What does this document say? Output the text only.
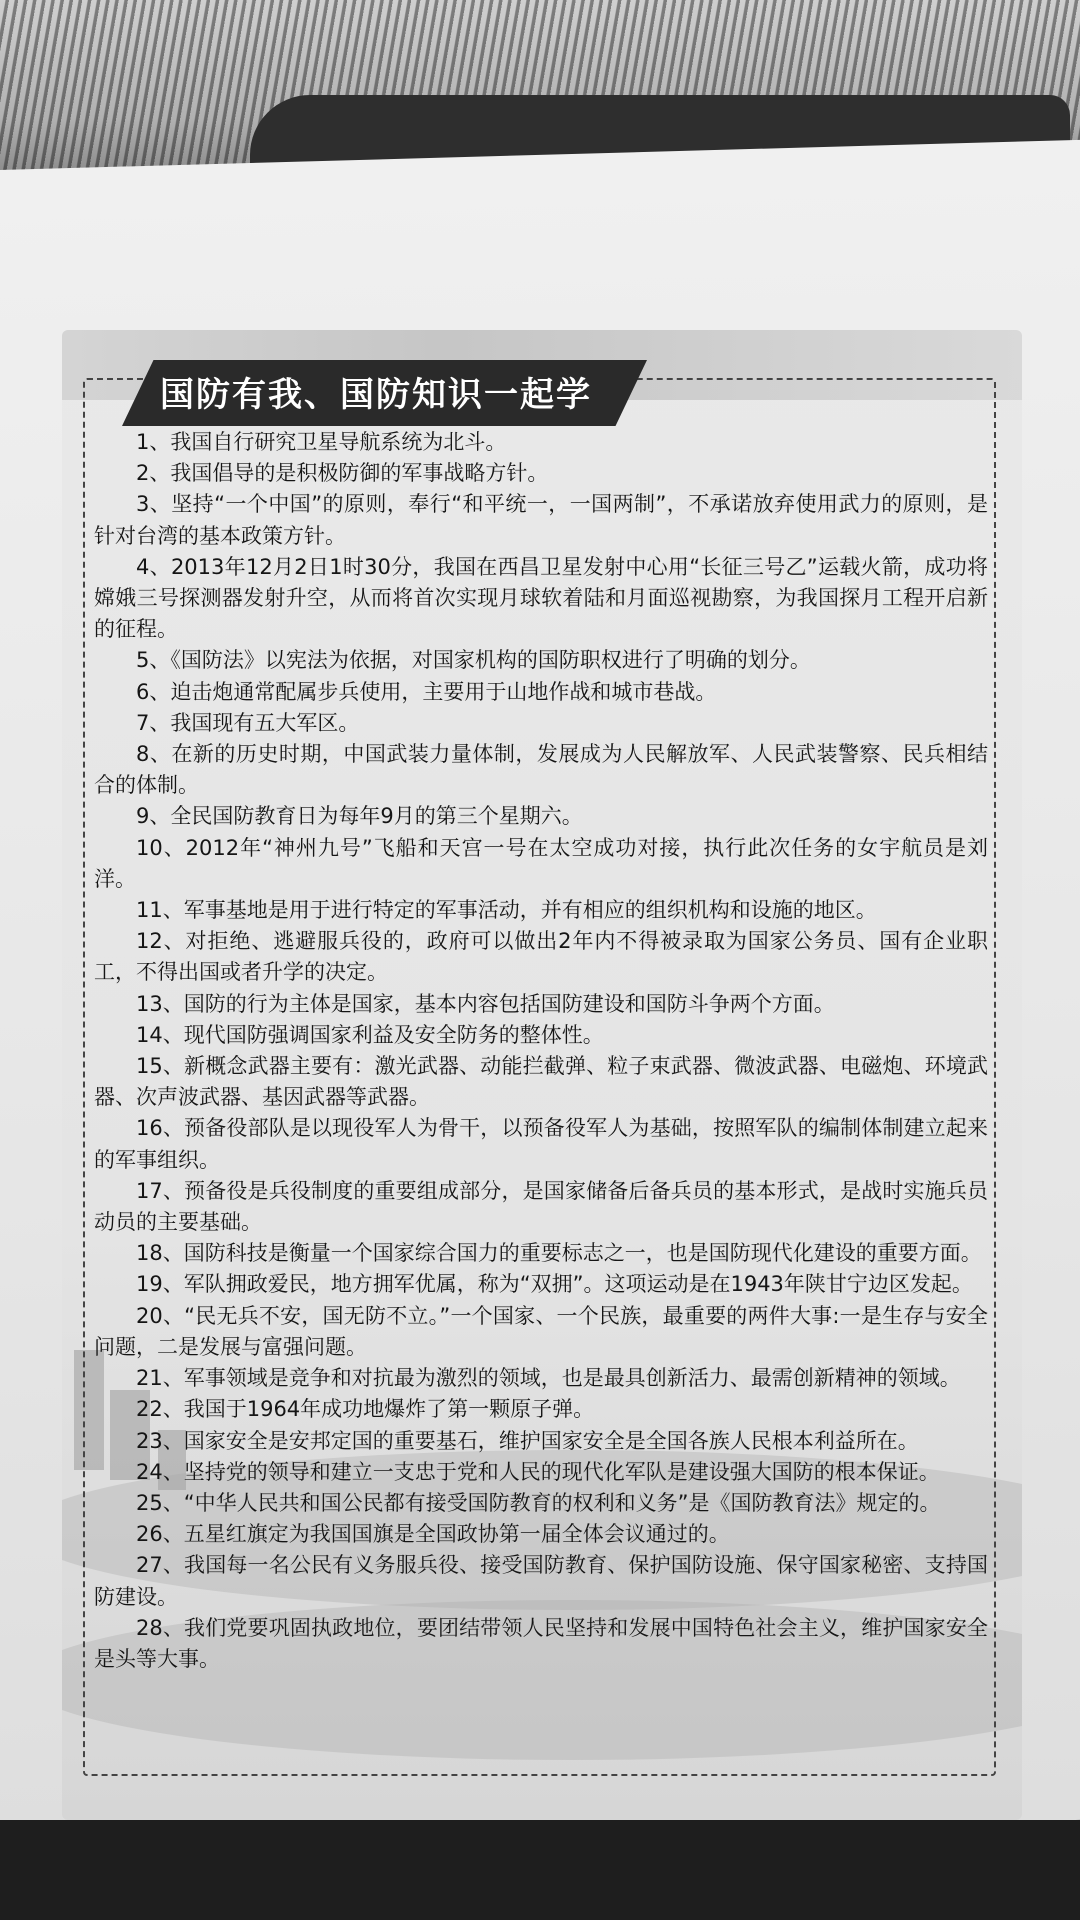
国防有我、国防知识一起学

1、我国自行研究卫星导航系统为北斗。

2、我国倡导的是积极防御的军事战略方针。

3、坚持“一个中国”的原则，奉行“和平统一，一国两制”，不承诺放弃使用武力的原则，是针对台湾的基本政策方针。

4、2013年12月2日1时30分，我国在西昌卫星发射中心用“长征三号乙”运载火箭，成功将嫦娥三号探测器发射升空，从而将首次实现月球软着陆和月面巡视勘察，为我国探月工程开启新的征程。

5、《国防法》以宪法为依据，对国家机构的国防职权进行了明确的划分。

6、迫击炮通常配属步兵使用，主要用于山地作战和城市巷战。

7、我国现有五大军区。

8、在新的历史时期，中国武装力量体制，发展成为人民解放军、人民武装警察、民兵相结合的体制。

9、全民国防教育日为每年9月的第三个星期六。

10、2012年“神州九号”飞船和天宫一号在太空成功对接，执行此次任务的女宇航员是刘洋。

11、军事基地是用于进行特定的军事活动，并有相应的组织机构和设施的地区。

12、对拒绝、逃避服兵役的，政府可以做出2年内不得被录取为国家公务员、国有企业职工，不得出国或者升学的决定。

13、国防的行为主体是国家，基本内容包括国防建设和国防斗争两个方面。

14、现代国防强调国家利益及安全防务的整体性。

15、新概念武器主要有：激光武器、动能拦截弹、粒子束武器、微波武器、电磁炮、环境武器、次声波武器、基因武器等武器。

16、预备役部队是以现役军人为骨干，以预备役军人为基础，按照军队的编制体制建立起来的军事组织。

17、预备役是兵役制度的重要组成部分，是国家储备后备兵员的基本形式，是战时实施兵员动员的主要基础。

18、国防科技是衡量一个国家综合国力的重要标志之一，也是国防现代化建设的重要方面。

19、军队拥政爱民，地方拥军优属，称为“双拥”。这项运动是在1943年陕甘宁边区发起。

20、“民无兵不安，国无防不立。”一个国家、一个民族，最重要的两件大事:一是生存与安全问题，二是发展与富强问题。

21、军事领域是竞争和对抗最为激烈的领域，也是最具创新活力、最需创新精神的领域。

22、我国于1964年成功地爆炸了第一颗原子弹。

23、国家安全是安邦定国的重要基石，维护国家安全是全国各族人民根本利益所在。

24、坚持党的领导和建立一支忠于党和人民的现代化军队是建设强大国防的根本保证。

25、“中华人民共和国公民都有接受国防教育的权利和义务”是《国防教育法》规定的。

26、五星红旗定为我国国旗是全国政协第一届全体会议通过的。

27、我国每一名公民有义务服兵役、接受国防教育、保护国防设施、保守国家秘密、支持国防建设。

28、我们党要巩固执政地位，要团结带领人民坚持和发展中国特色社会主义，维护国家安全是头等大事。
